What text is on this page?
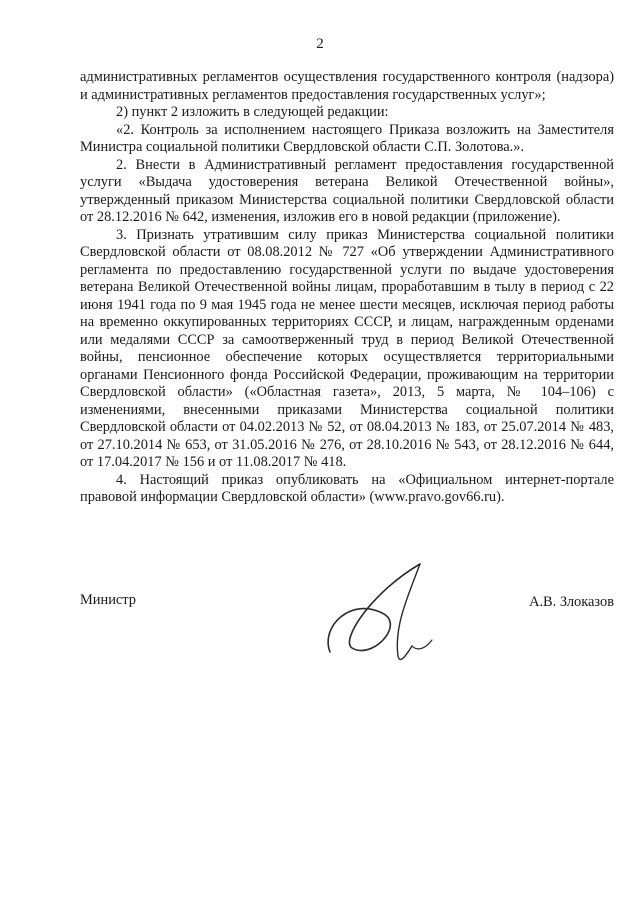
2

административных регламентов осуществления государственного контроля (надзора) и административных регламентов предоставления государственных услуг»;

2) пункт 2 изложить в следующей редакции:

«2. Контроль за исполнением настоящего Приказа возложить на Заместителя Министра социальной политики Свердловской области С.П. Золотова.».

2. Внести в Административный регламент предоставления государственной услуги «Выдача удостоверения ветерана Великой Отечественной войны», утвержденный приказом Министерства социальной политики Свердловской области от 28.12.2016 № 642, изменения, изложив его в новой редакции (приложение).

3. Признать утратившим силу приказ Министерства социальной политики Свердловской области от 08.08.2012 № 727 «Об утверждении Административного регламента по предоставлению государственной услуги по выдаче удостоверения ветерана Великой Отечественной войны лицам, проработавшим в тылу в период с 22 июня 1941 года по 9 мая 1945 года не менее шести месяцев, исключая период работы на временно оккупированных территориях СССР, и лицам, награжденным орденами или медалями СССР за самоотверженный труд в период Великой Отечественной войны, пенсионное обеспечение которых осуществляется территориальными органами Пенсионного фонда Российской Федерации, проживающим на территории Свердловской области» («Областная газета», 2013, 5 марта, № 104–106) с изменениями, внесенными приказами Министерства социальной политики Свердловской области от 04.02.2013 № 52, от 08.04.2013 № 183, от 25.07.2014 № 483, от 27.10.2014 № 653, от 31.05.2016 № 276, от 28.10.2016 № 543, от 28.12.2016 № 644, от 17.04.2017 № 156 и от 11.08.2017 № 418.

4. Настоящий приказ опубликовать на «Официальном интернет-портале правовой информации Свердловской области» (www.pravo.gov66.ru).

Министр	А.В. Злоказов
